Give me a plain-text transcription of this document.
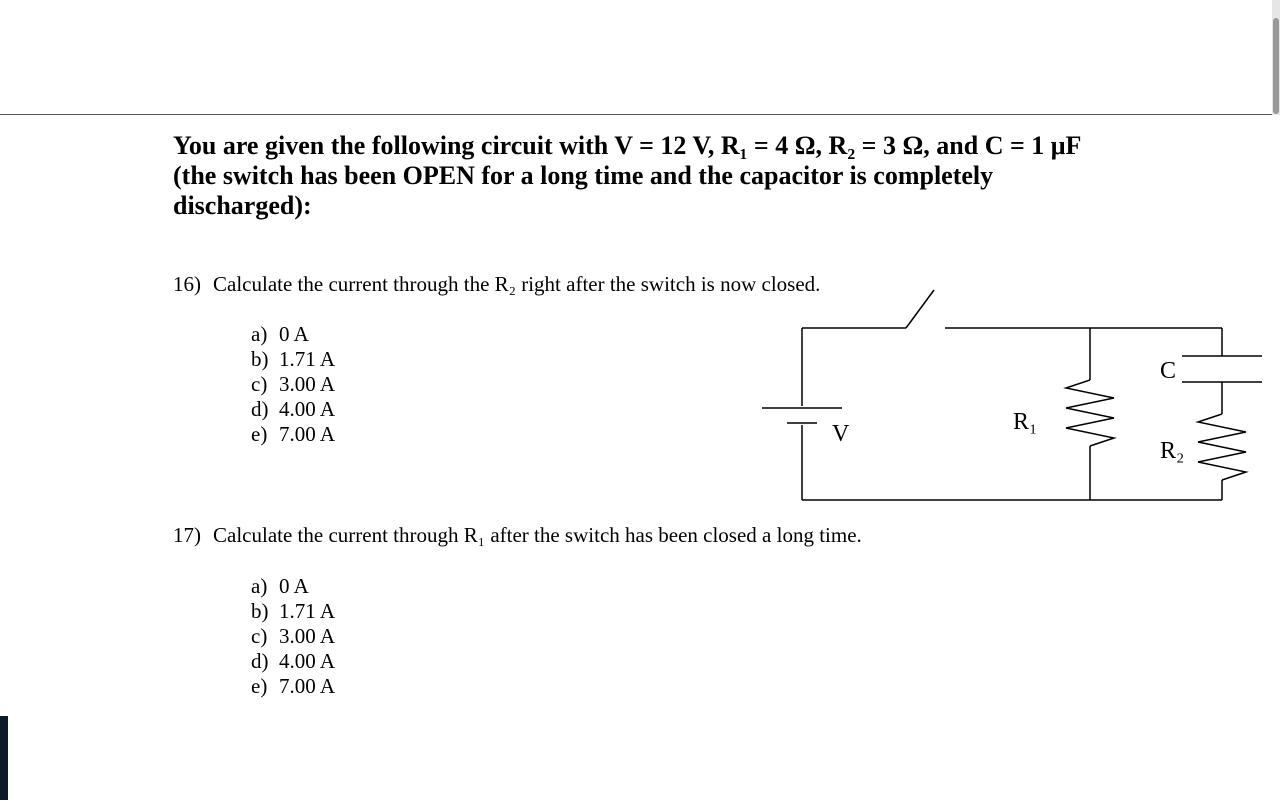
You are given the following circuit with V = 12 V, R₁ = 4 Ω, R₂ = 3 Ω, and C = 1 μF
(the switch has been OPEN for a long time and the capacitor is completely
discharged):
16) Calculate the current through the R₂ right after the switch is now closed.
a) 0 A
b) 1.71 A
c) 3.00 A
d) 4.00 A
e) 7.00 A
17) Calculate the current through R₁ after the switch has been closed a long time.
a) 0 A
b) 1.71 A
c) 3.00 A
d) 4.00 A
e) 7.00 A
V	R₁
C
R₂
